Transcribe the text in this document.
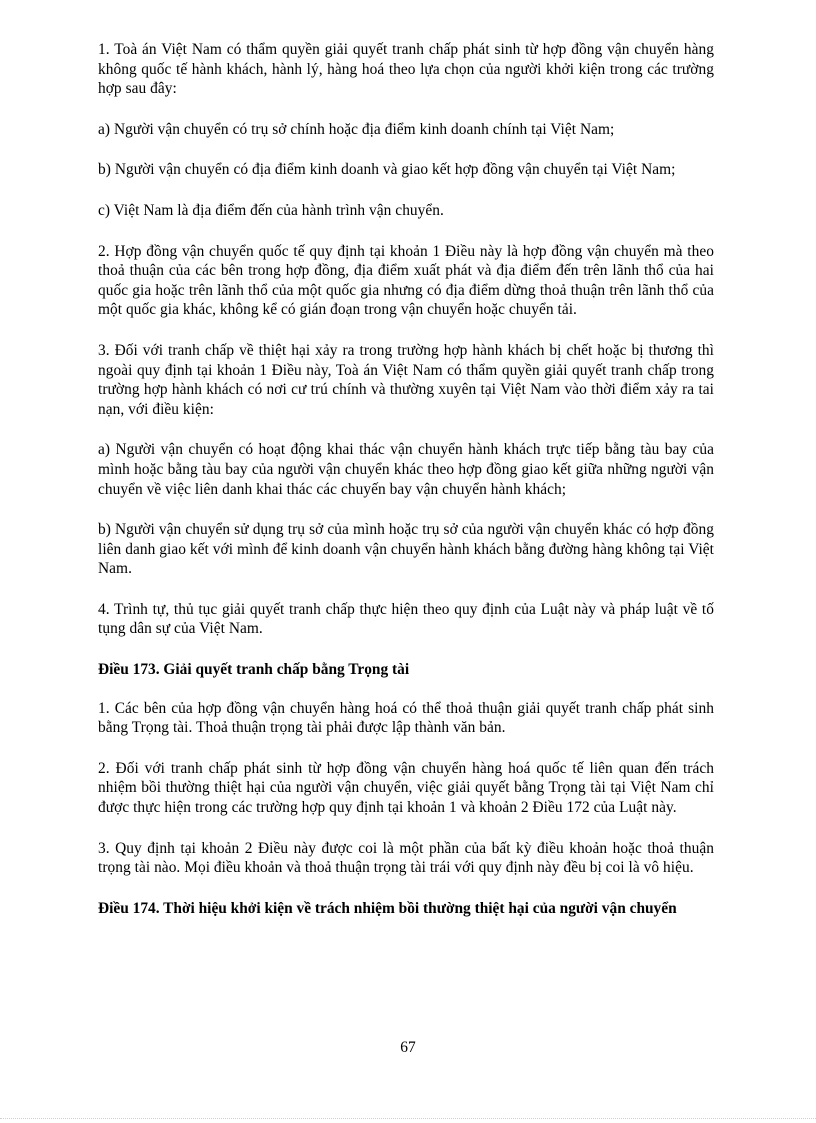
1. Toà án Việt Nam có thẩm quyền giải quyết tranh chấp phát sinh từ hợp đồng vận chuyển hàng không quốc tế hành khách, hành lý, hàng hoá theo lựa chọn của người khởi kiện trong các trường hợp sau đây:

a) Người vận chuyển có trụ sở chính hoặc địa điểm kinh doanh chính tại Việt Nam;

b) Người vận chuyển có địa điểm kinh doanh và giao kết hợp đồng vận chuyển tại Việt Nam;

c) Việt Nam là địa điểm đến của hành trình vận chuyển.

2. Hợp đồng vận chuyển quốc tế quy định tại khoản 1 Điều này là hợp đồng vận chuyển mà theo thoả thuận của các bên trong hợp đồng, địa điểm xuất phát và địa điểm đến trên lãnh thổ của hai quốc gia hoặc trên lãnh thổ của một quốc gia nhưng có địa điểm dừng thoả thuận trên lãnh thổ của một quốc gia khác, không kể có gián đoạn trong vận chuyển hoặc chuyển tải.

3. Đối với tranh chấp về thiệt hại xảy ra trong trường hợp hành khách bị chết hoặc bị thương thì ngoài quy định tại khoản 1 Điều này, Toà án Việt Nam có thẩm quyền giải quyết tranh chấp trong trường hợp hành khách có nơi cư trú chính và thường xuyên tại Việt Nam vào thời điểm xảy ra tai nạn, với điều kiện:

a) Người vận chuyển có hoạt động khai thác vận chuyển hành khách trực tiếp bằng tàu bay của mình hoặc bằng tàu bay của người vận chuyển khác theo hợp đồng giao kết giữa những người vận chuyển về việc liên danh khai thác các chuyến bay vận chuyển hành khách;

b) Người vận chuyển sử dụng trụ sở của mình hoặc trụ sở của người vận chuyển khác có hợp đồng liên danh giao kết với mình để kinh doanh vận chuyển hành khách bằng đường hàng không tại Việt Nam.

4. Trình tự, thủ tục giải quyết tranh chấp thực hiện theo quy định của Luật này và pháp luật về tố tụng dân sự của Việt Nam.

Điều 173. Giải quyết tranh chấp bằng Trọng tài

1. Các bên của hợp đồng vận chuyển hàng hoá có thể thoả thuận giải quyết tranh chấp phát sinh bằng Trọng tài. Thoả thuận trọng tài phải được lập thành văn bản.

2. Đối với tranh chấp phát sinh từ hợp đồng vận chuyển hàng hoá quốc tế liên quan đến trách nhiệm bồi thường thiệt hại của người vận chuyển, việc giải quyết bằng Trọng tài tại Việt Nam chỉ được thực hiện trong các trường hợp quy định tại khoản 1 và khoản 2 Điều 172 của Luật này.

3. Quy định tại khoản 2 Điều này được coi là một phần của bất kỳ điều khoản hoặc thoả thuận trọng tài nào. Mọi điều khoản và thoả thuận trọng tài trái với quy định này đều bị coi là vô hiệu.

Điều 174. Thời hiệu khởi kiện về trách nhiệm bồi thường thiệt hại của người vận chuyển

67
